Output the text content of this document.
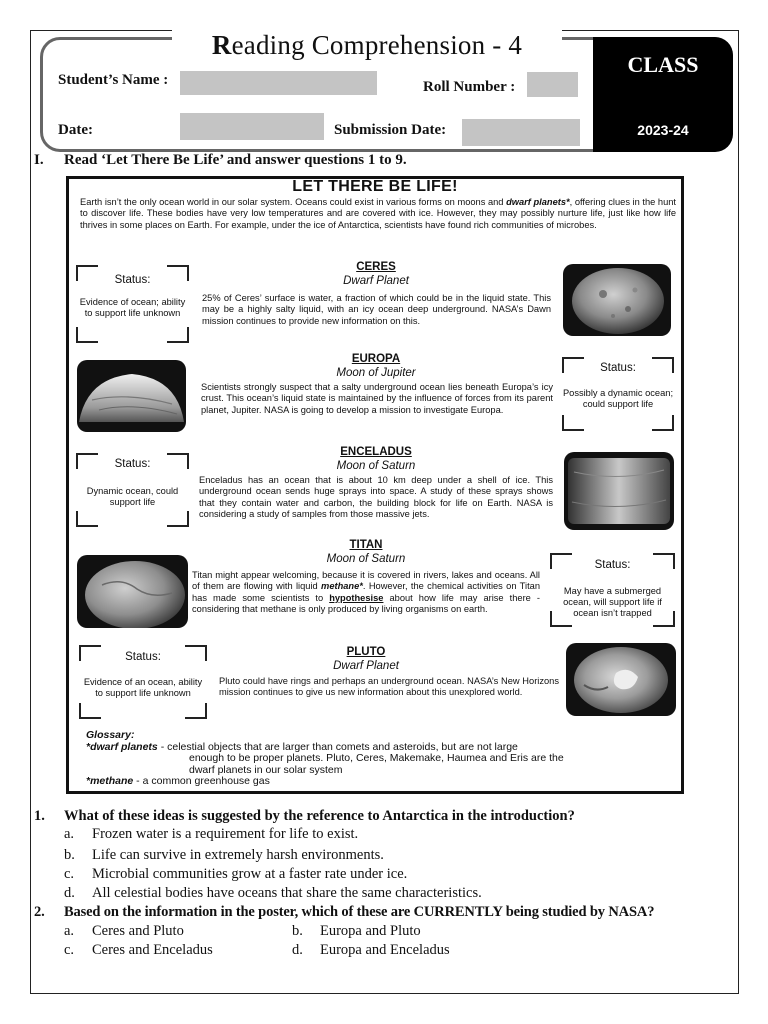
CLASS
2023-24
Reading Comprehension - 4
Student’s Name :	Roll Number :
Date:	Submission Date:
I. Read ‘Let There Be Life’ and answer questions 1 to 9.
LET THERE BE LIFE!
Earth isn’t the only ocean world in our solar system. Oceans could exist in various forms on moons and dwarf planets*, offering clues in the hunt to discover life. These bodies have very low temperatures and are covered with ice. However, they may possibly nurture life, just like how life thrives in some places on Earth. For example, under the ice of Antarctica, scientists have found rich communities of microbes.
Status:
Evidence of ocean; ability to support life unknown
CERES
Dwarf Planet
25% of Ceres’ surface is water, a fraction of which could be in the liquid state. This may be a highly salty liquid, with an icy ocean deep underground. NASA’s Dawn mission continues to provide new information on this.
EUROPA
Moon of Jupiter
Scientists strongly suspect that a salty underground ocean lies beneath Europa’s icy crust. This ocean’s liquid state is maintained by the influence of forces from its parent planet, Jupiter. NASA is going to develop a mission to investigate Europa.
Status:
Possibly a dynamic ocean; could support life
Status:
Dynamic ocean, could support life
ENCELADUS
Moon of Saturn
Enceladus has an ocean that is about 10 km deep under a shell of ice. This underground ocean sends huge sprays into space. A study of these sprays shows that they contain water and carbon, the building block for life on Earth. NASA is considering a study of samples from those massive jets.
TITAN
Moon of Saturn
Titan might appear welcoming, because it is covered in rivers, lakes and oceans. All of them are flowing with liquid methane*. However, the chemical activities on Titan has made some scientists to hypothesise about how life may arise there - considering that methane is only produced by living organisms on earth.
Status:
May have a submerged ocean, will support life if ocean isn’t trapped
Status:
Evidence of an ocean, ability to support life unknown
PLUTO
Dwarf Planet
Pluto could have rings and perhaps an underground ocean. NASA’s New Horizons mission continues to give us new information about this unexplored world.
Glossary:
*dwarf planets - celestial objects that are larger than comets and asteroids, but are not large
enough to be proper planets. Pluto, Ceres, Makemake, Haumea and Eris are the
dwarf planets in our solar system
*methane - a common greenhouse gas
1. What of these ideas is suggested by the reference to Antarctica in the introduction?
a. Frozen water is a requirement for life to exist.
b. Life can survive in extremely harsh environments.
c. Microbial communities grow at a faster rate under ice.
d. All celestial bodies have oceans that share the same characteristics.
2. Based on the information in the poster, which of these are CURRENTLY being studied by NASA?
a. Ceres and Pluto	b. Europa and Pluto
c. Ceres and Enceladus	d. Europa and Enceladus
